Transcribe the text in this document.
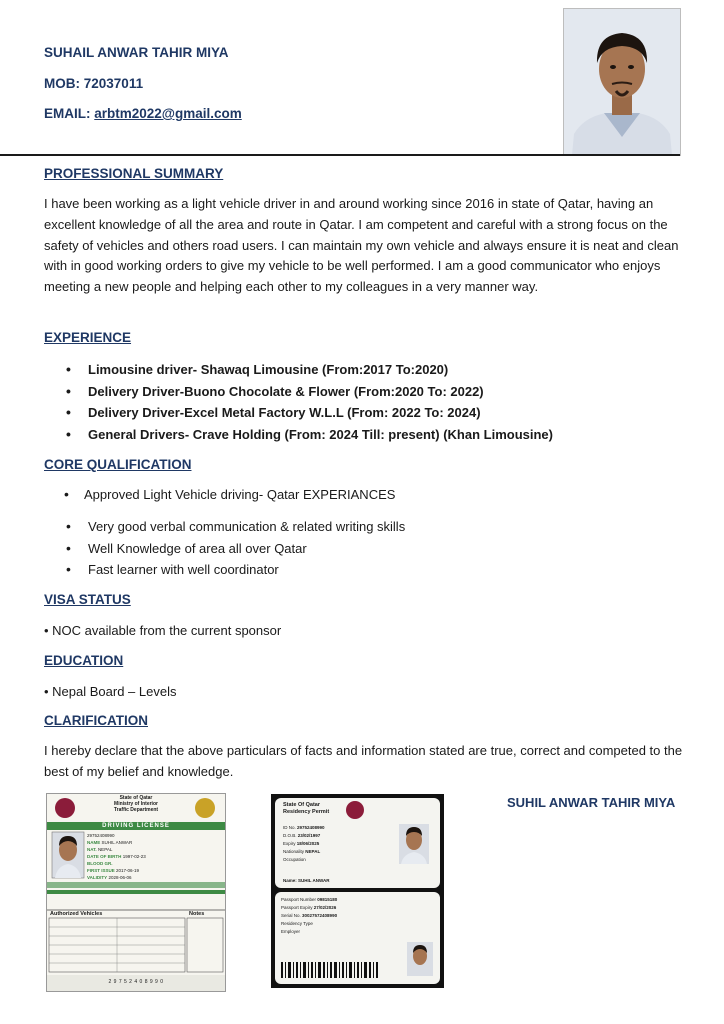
SUHAIL ANWAR TAHIR MIYA
MOB: 72037011
EMAIL: arbtm2022@gmail.com
PROFESSIONAL SUMMARY

I have been working as a light vehicle driver in and around working since 2016 in state of Qatar, having an excellent knowledge of all the area and route in Qatar. I am competent and careful with a strong focus on the safety of vehicles and others road users. I can maintain my own vehicle and always ensure it is neat and clean with in good working orders to give my vehicle to be well performed. I am a good communicator who enjoys meeting a new people and helping each other to my colleagues in a very manner way.

EXPERIENCE
• Limousine driver- Shawaq Limousine (From:2017 To:2020)
• Delivery Driver-Buono Chocolate & Flower (From:2020 To: 2022)
• Delivery Driver-Excel Metal Factory W.L.L (From: 2022 To: 2024)
• General Drivers- Crave Holding (From: 2024 Till: present) (Khan Limousine)
CORE QUALIFICATION
• Approved Light Vehicle driving- Qatar EXPERIANCES
• Very good verbal communication & related writing skills
• Well Knowledge of area all over Qatar
• Fast learner with well coordinator
VISA STATUS

• NOC available from the current sponsor

EDUCATION

• Nepal Board – Levels

CLARIFICATION

I hereby declare that the above particulars of facts and information stated are true, correct and competed to the best of my belief and knowledge.

State of Qatar
Ministry of Interior
Traffic Department
DRIVING LICENSE
29752408990
NAME SUHIL ANWAR
NAT. NEPAL
DATE OF BIRTH 1997-02-23
BLOOD GR.
FIRST ISSUE 2017-06-19
VALIDITY 2028-06-06
Authorized Vehicles	Notes
2 9 7 5 2 4 0 8 9 9 0
State Of Qatar
Residency Permit
ID No. 29752408990
D.O.B. 23/02/1997
Expiry 18/06/2025
Nationality NEPAL
Occupation
Name: SUHIL ANWAR
Passport Number 09815180
Passport Expiry 27/02/2026
Serial No. 30027572408990
Residency Type
Employer

SUHIL ANWAR TAHIR MIYA
